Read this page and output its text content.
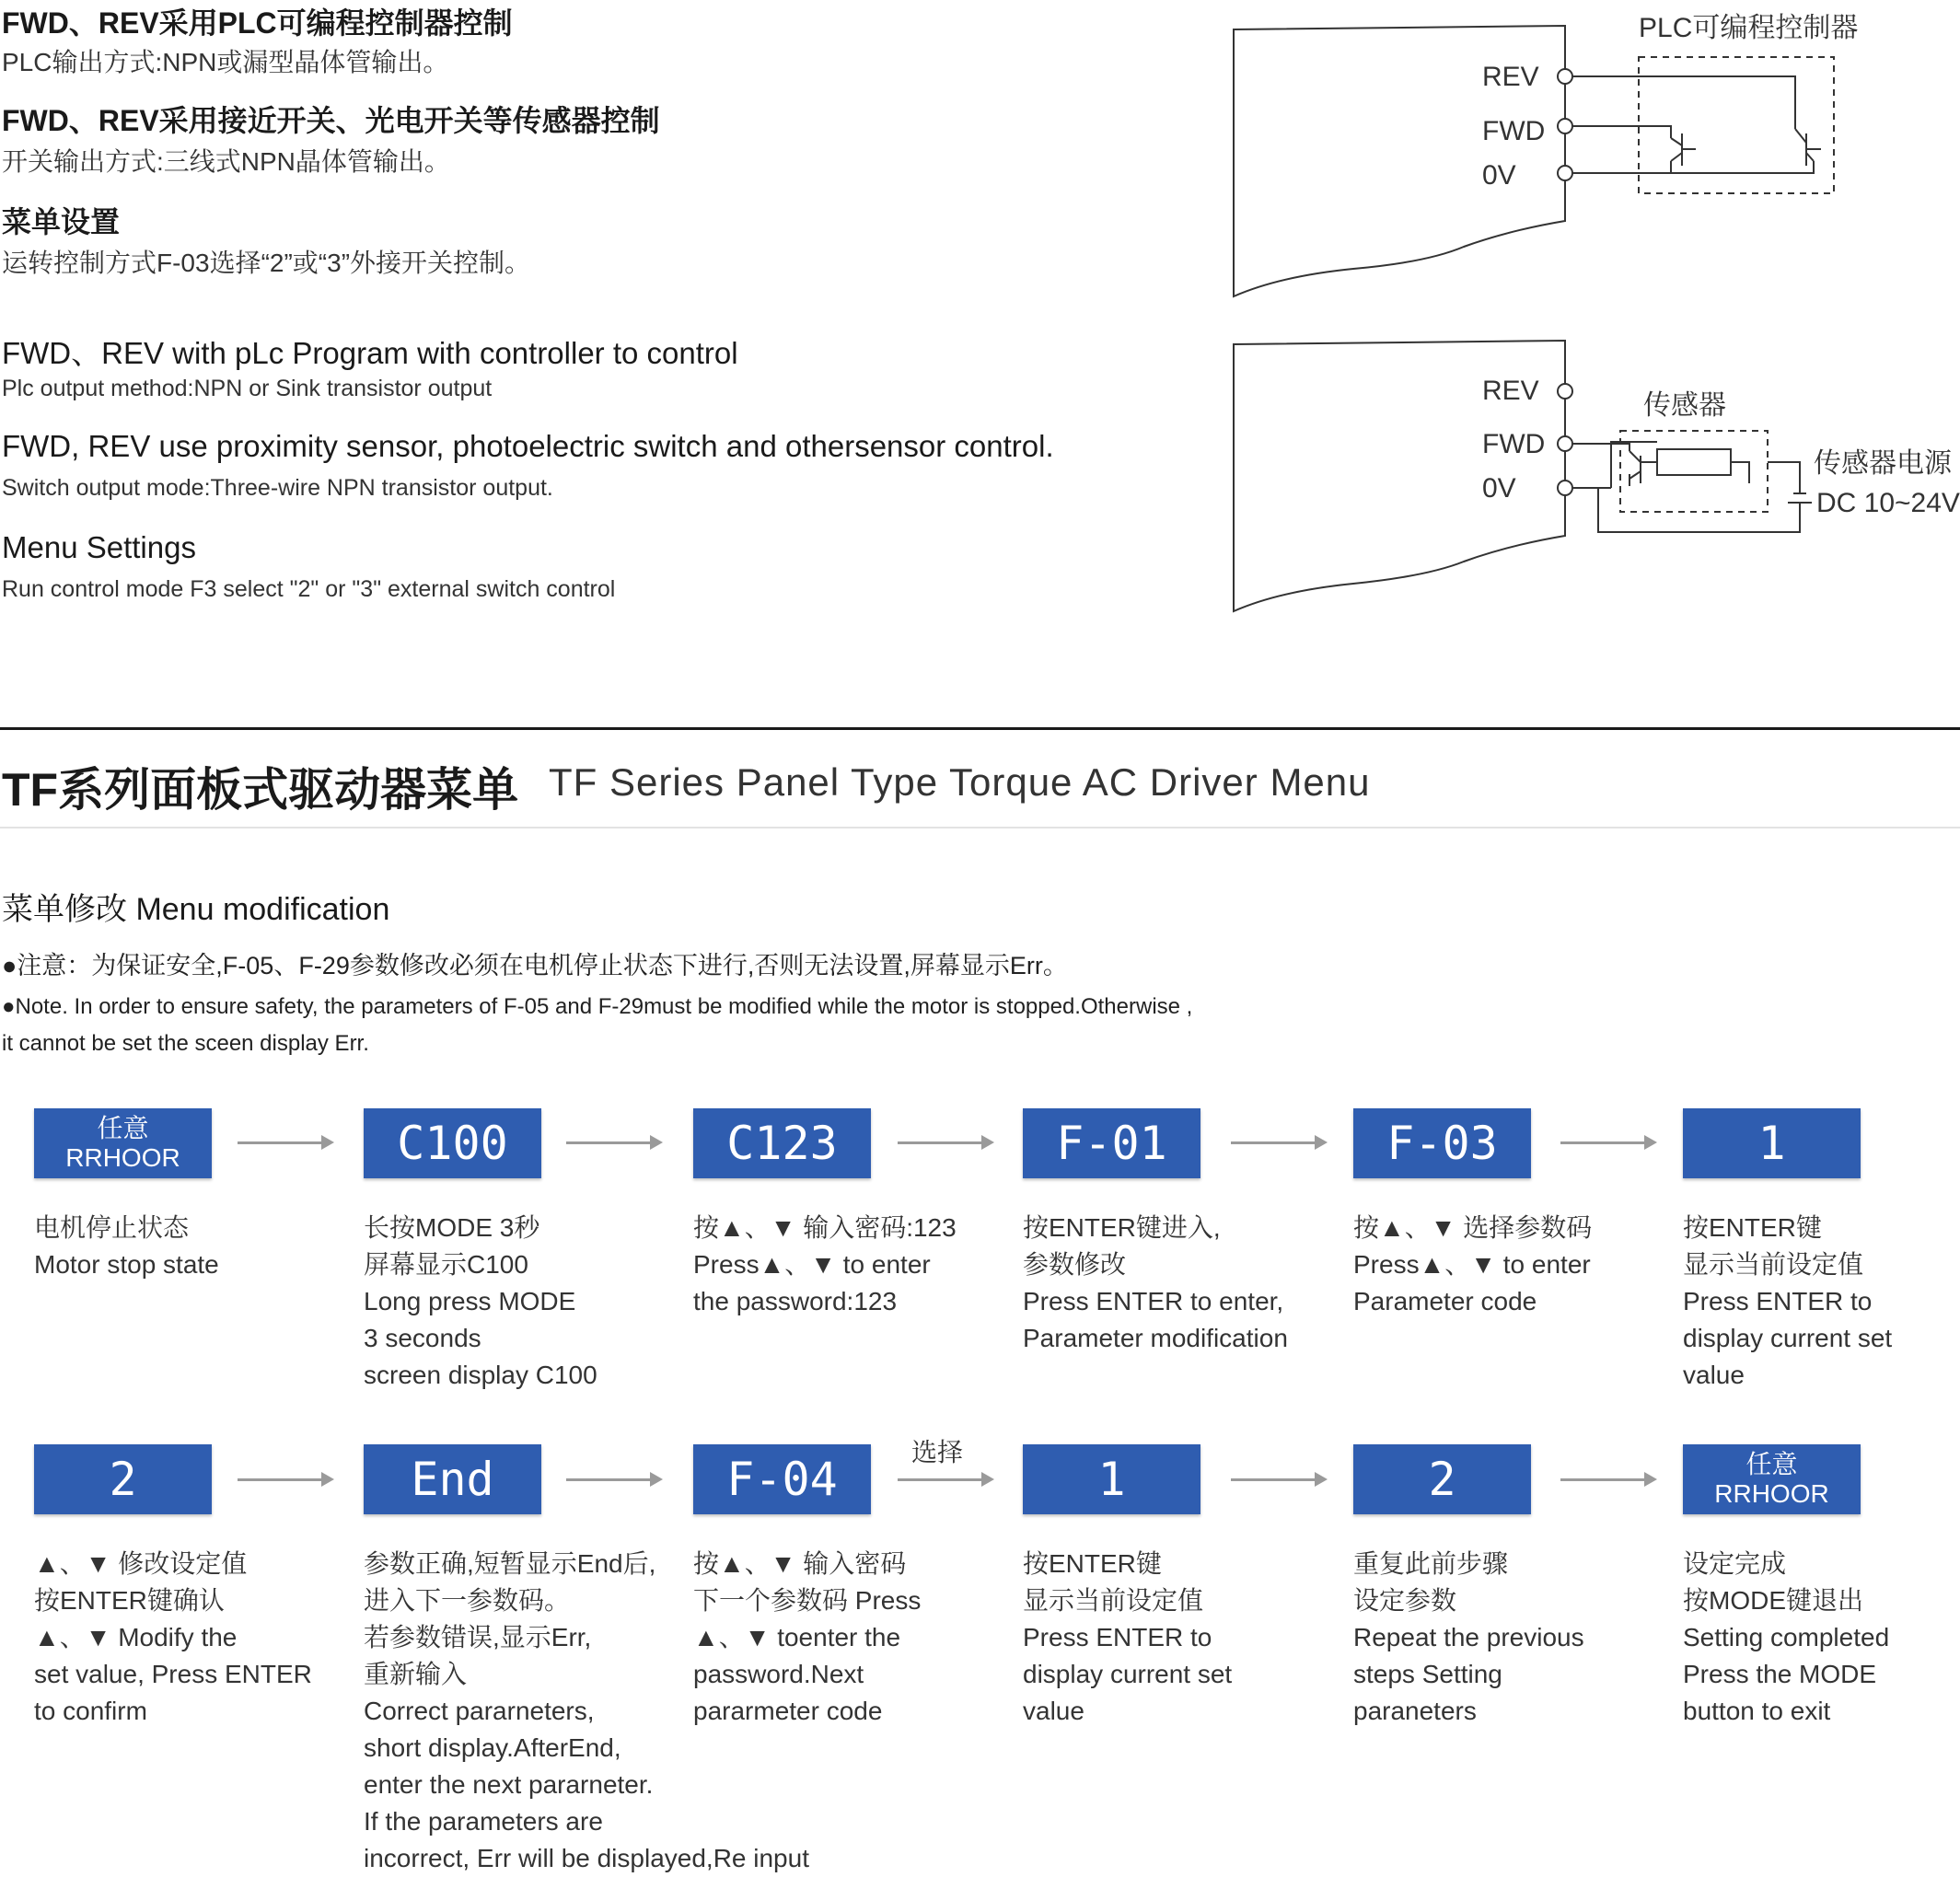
FWD、REV采用PLC可编程控制器控制
PLC输出方式:NPN或漏型晶体管输出。
FWD、REV采用接近开关、光电开关等传感器控制
开关输出方式:三线式NPN晶体管输出。
菜单设置
运转控制方式F-03选择“2”或“3”外接开关控制。
FWD、REV with pLc Program with controller to control
Plc output method:NPN or Sink transistor output
FWD, REV use proximity sensor, photoelectric switch and othersensor control.
Switch output mode:Three-wire NPN transistor output.
Menu Settings
Run control mode F3 select "2" or "3" external switch control
REV
FWD
0V
PLC可编程控制器
REV
FWD
0V
传感器
传感器电源
DC 10~24V
TF系列面板式驱动器菜单 TF Series Panel Type Torque AC Driver Menu
菜单修改 Menu modification
●注意：为保证安全,F-05、F-29参数修改必须在电机停止状态下进行,否则无法设置,屏幕显示Err。
●Note. In order to ensure safety, the parameters of F-05 and F-29must be modified while the motor is stopped.Otherwise ,
it cannot be set the sceen display Err.
任意
RRHOOR
电机停止状态
Motor stop state
C100
长按MODE 3秒
屏幕显示C100
Long press MODE
3 seconds
screen display C100
C123
按▲、▼ 输入密码:123
Press▲、▼ to enter
the password:123
F-01
按ENTER键进入,
参数修改
Press ENTER to enter,
Parameter modification
F-03
按▲、▼ 选择参数码
Press▲、▼ to enter
Parameter code
1
按ENTER键
显示当前设定值
Press ENTER to
display current set
value
2
▲、▼ 修改设定值
按ENTER键确认
▲、▼ Modify the
set value, Press ENTER
to confirm
End
参数正确,短暂显示End后,
进入下一参数码。
若参数错误,显示Err,
重新输入
Correct pararneters,
short display.AfterEnd,
enter the next pararneter.
If the parameters are
incorrect, Err will be displayed,Re input
F-04
按▲、▼ 输入密码
下一个参数码 Press
▲、▼ toenter the
password.Next
pararmeter code
1
按ENTER键
显示当前设定值
Press ENTER to
display current set
value
2
重复此前步骤
设定参数
Repeat the previous
steps Setting
paraneters
任意
RRHOOR
设定完成
按MODE键退出
Setting completed
Press the MODE
button to exit
选择
